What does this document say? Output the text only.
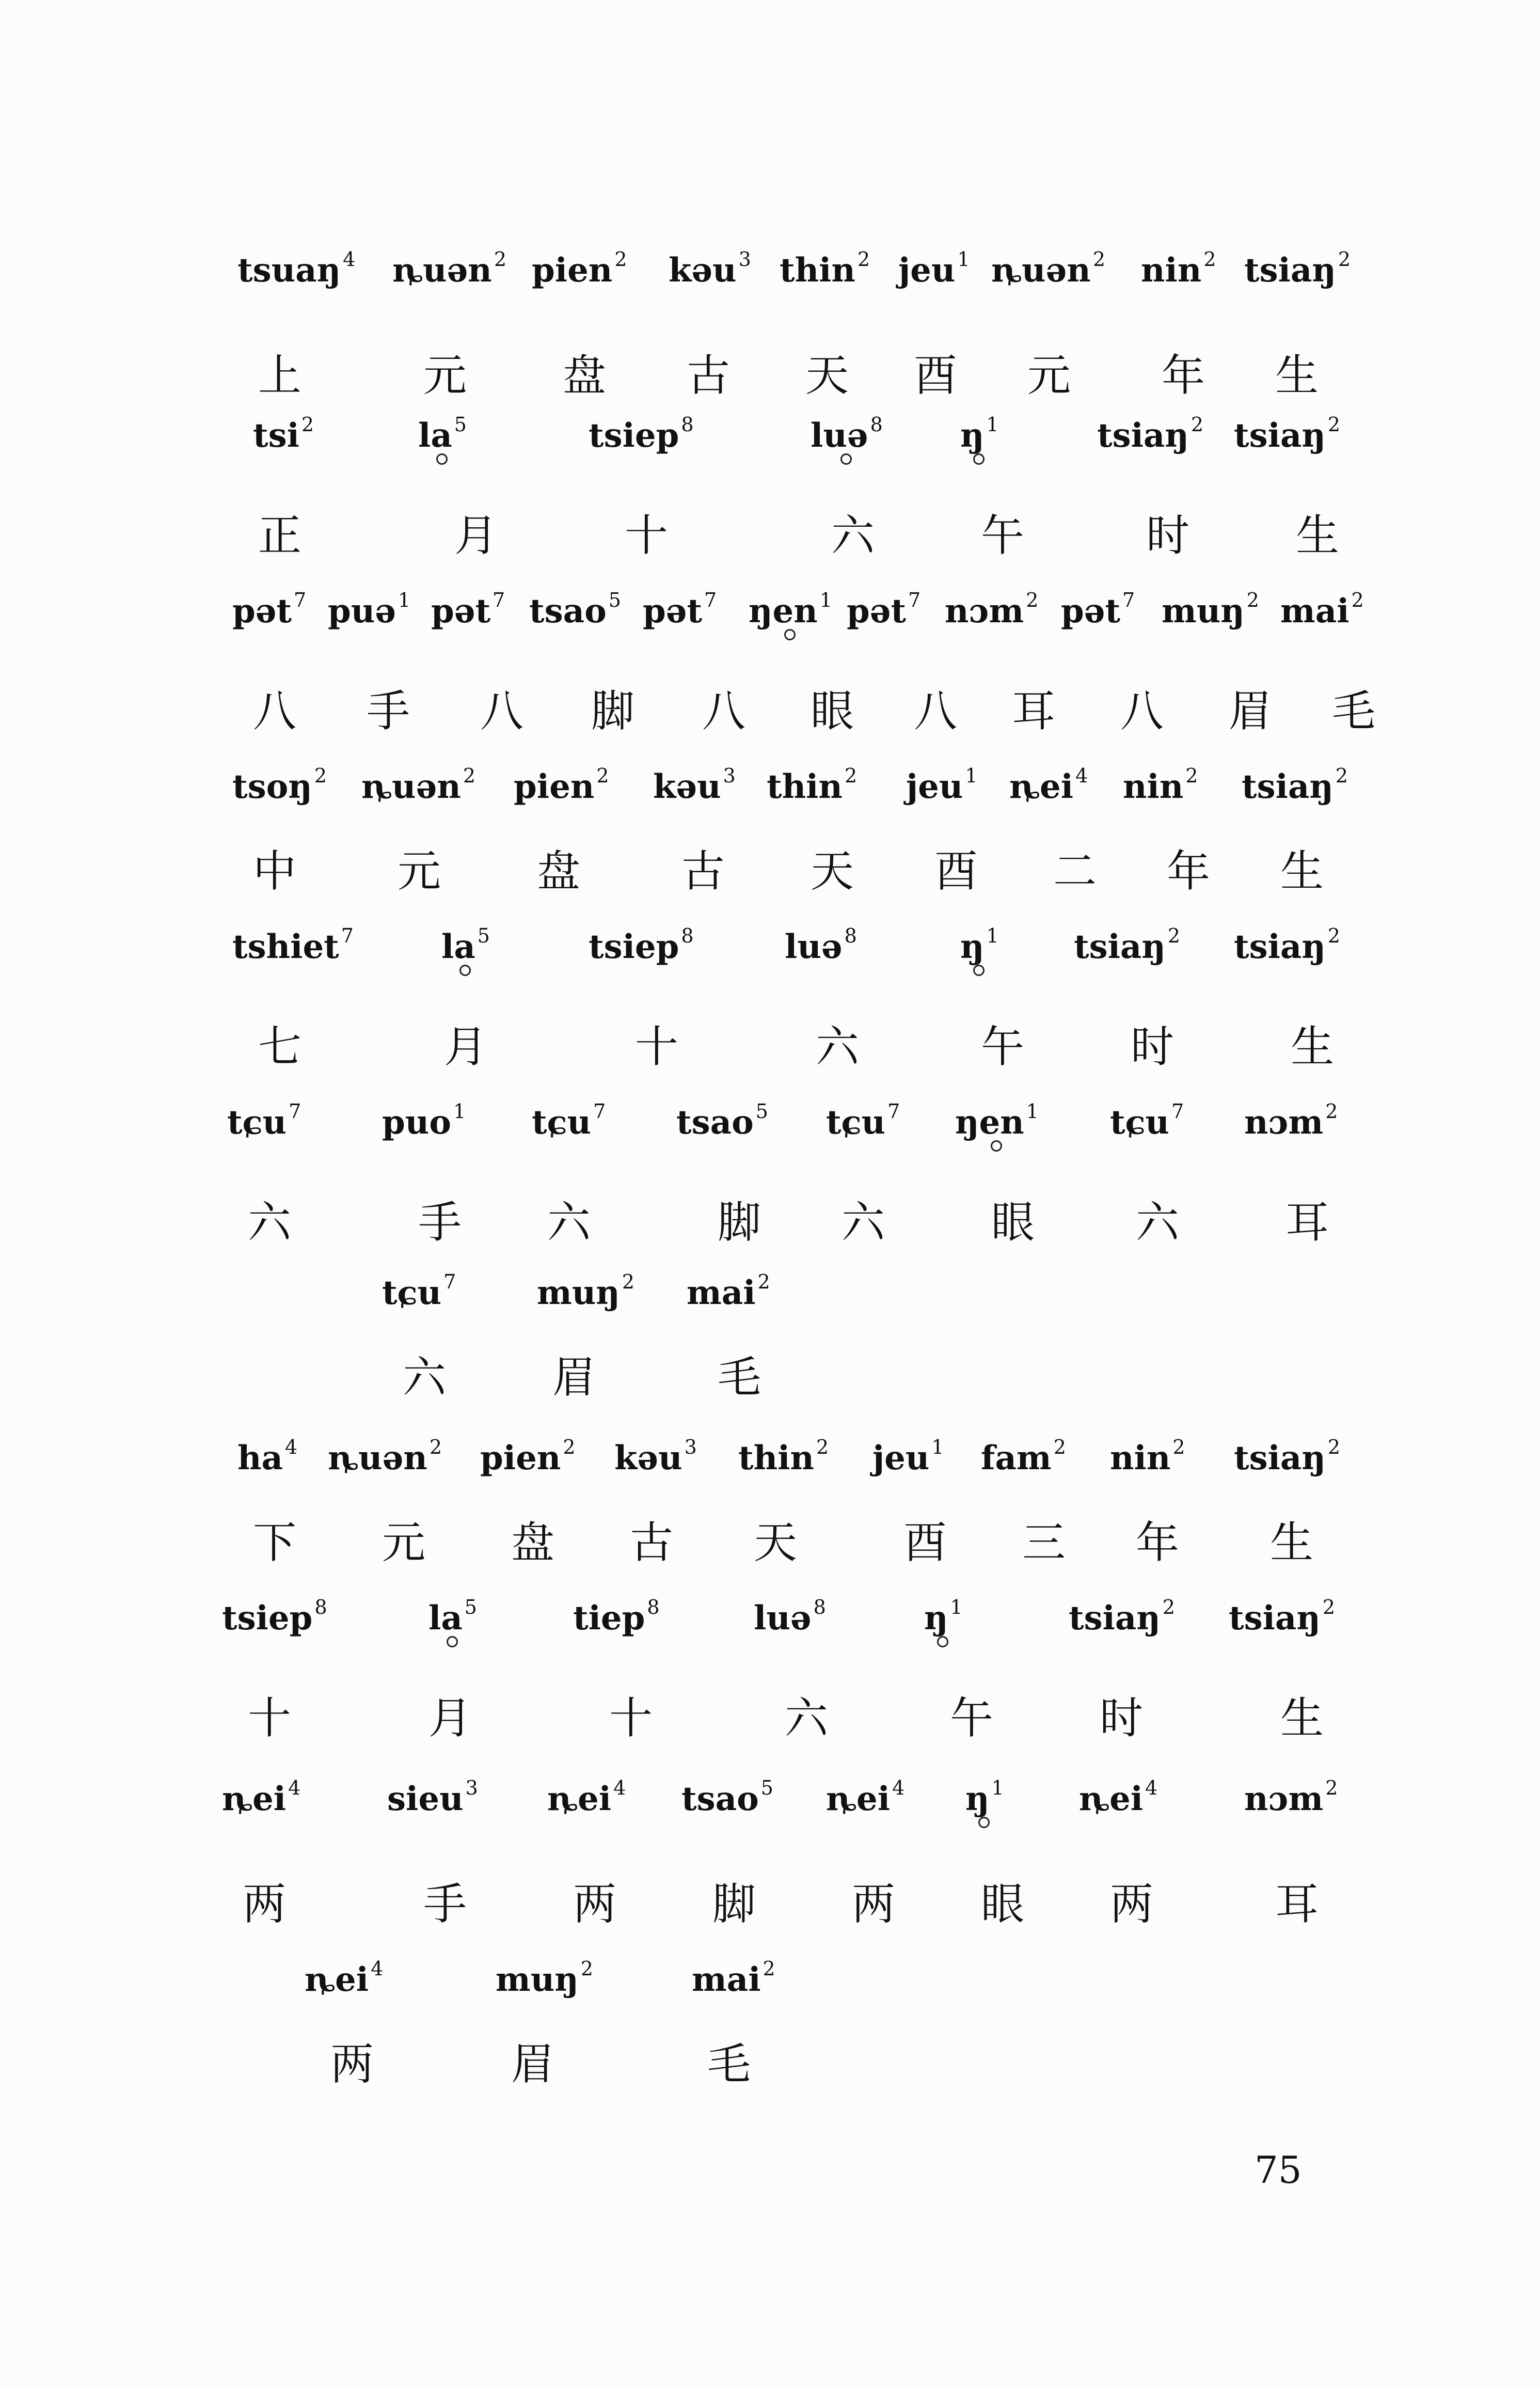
tsuaŋ $^4$ ȵuən $^2$ pien $^2$ kəu $^3$ thin $^2$ jeu $^1$ ȵuən $^2$ nin $^2$ tsiaŋ $^2$
上	元 盘 古 天 酉 元 年 生
tsi $^2$	la $^5$	tsiep $^8$	luə $^8$ ŋ $^1$	tsiaŋ $^2$ tsiaŋ $^2$
正	月	十	六 午	时 生
pət $^7$ puə $^1$ pət $^7$ tsao $^5$ pət $^7$ ŋen $^1$ pət $^7$ nɔm $^2$ pət $^7$ muŋ $^2$ mai $^2$
八 手 八 脚 八 眼 八 耳 八 眉 毛
tsoŋ $^2$ ȵuən $^2$ pien $^2$ kəu $^3$ thin $^2$ jeu $^1$ ȵei $^4$ nin $^2$ tsiaŋ $^2$
中 元 盘 古 天 酉 二 年 生
tshiet $^7$	la $^5$	tsiep $^8$	luə $^8$	ŋ $^1$ tsiaŋ $^2$ tsiaŋ $^2$
七	月	十	六	午 时	生
tɕu $^7$ puo $^1$ tɕu $^7$ tsao $^5$ tɕu $^7$ ŋen $^1$ tɕu $^7$ nɔm $^2$
六	手 六	脚 六 眼 六 耳
tɕu $^7$ muŋ $^2$ mai $^2$
六 眉	毛
ha $^4$ ȵuən $^2$ pien $^2$ kəu $^3$ thin $^2$ jeu $^1$ fam $^2$ nin $^2$ tsiaŋ $^2$
下 元 盘 古 天 酉 三 年 生
tsiep $^8$	la $^5$	tiep $^8$	luə $^8$	ŋ $^1$	tsiaŋ $^2$ tsiaŋ $^2$
十	月	十	六	午 时	生
ȵei $^4$	sieu $^3$ ȵei $^4$ tsao $^5$ ȵei $^4$ ŋ $^1$ ȵei $^4$	nɔm $^2$
两	手 两 脚 两 眼 两	耳
ȵei $^4$	muŋ $^2$	mai $^2$
两	眉	毛
75
